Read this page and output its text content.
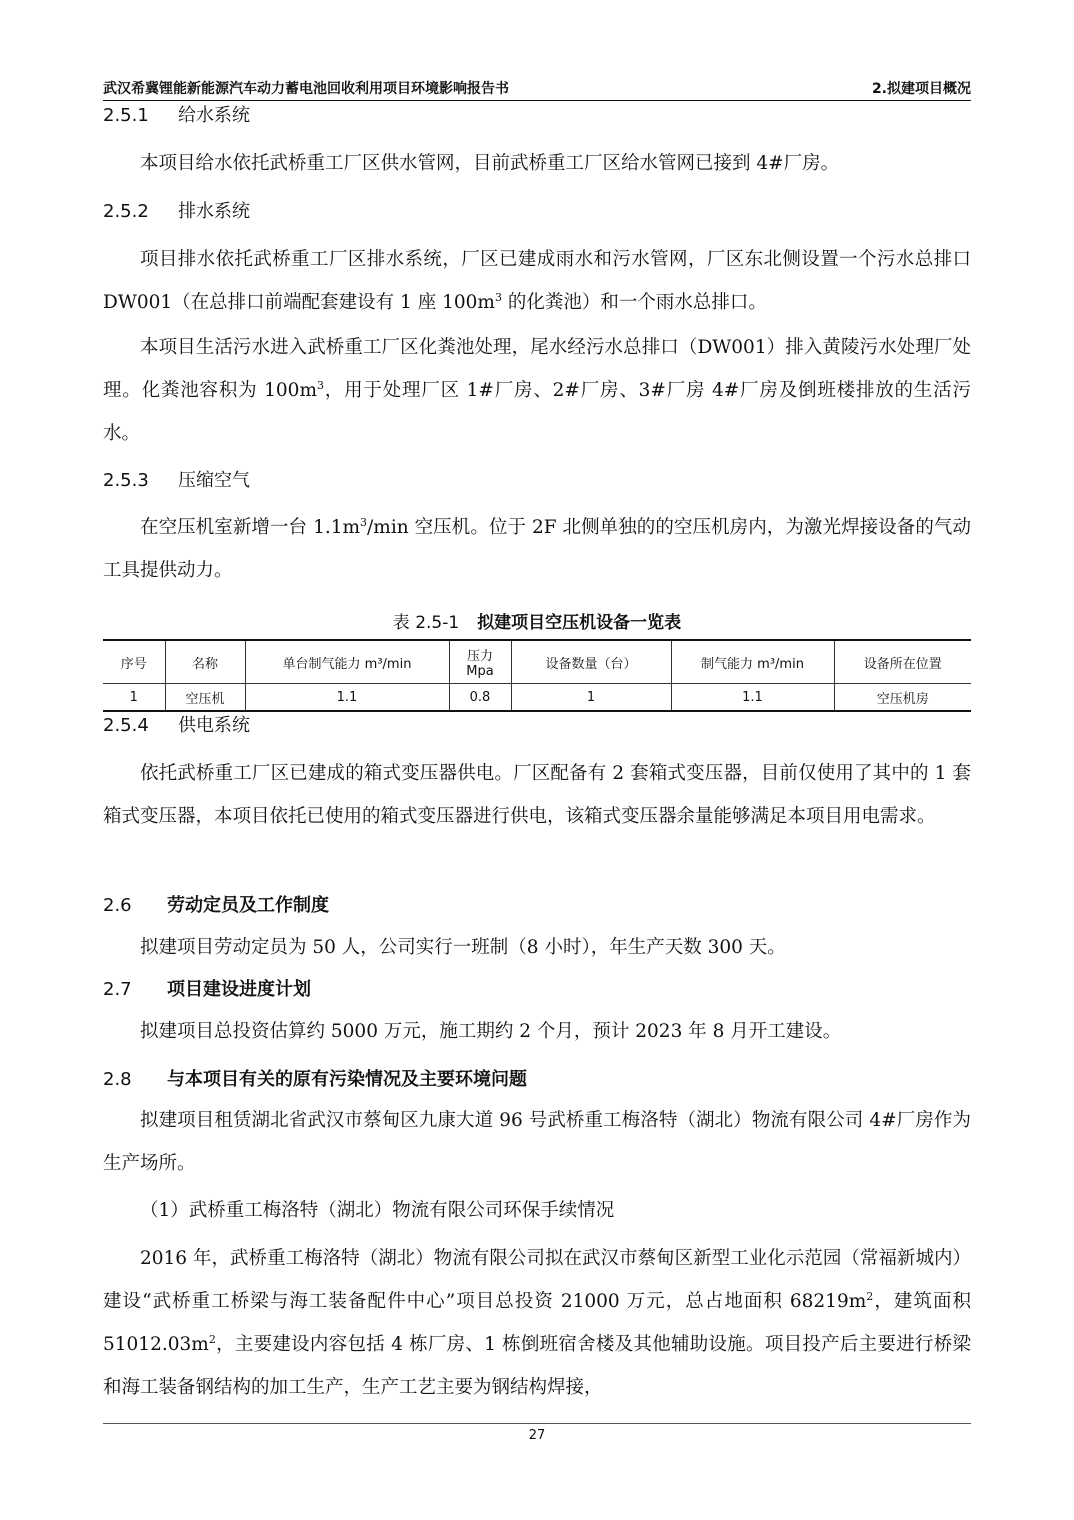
武汉希冀锂能新能源汽车动力蓄电池回收利用项目环境影响报告书	2.拟建项目概况
2.5.1 给水系统
本项目给水依托武桥重工厂区供水管网，目前武桥重工厂区给水管网已接到 4#厂房。
2.5.2 排水系统
项目排水依托武桥重工厂区排水系统，厂区已建成雨水和污水管网，厂区东北侧设置一个污水总排口 DW001（在总排口前端配套建设有 1 座 $100m^3$ 的化粪池）和一个雨水总排口。
本项目生活污水进入武桥重工厂区化粪池处理，尾水经污水总排口（DW001）排入黄陵污水处理厂处理。化粪池容积为 $100m^3$，用于处理厂区 1#厂房、2#厂房、3#厂房 4#厂房及倒班楼排放的生活污水。
2.5.3 压缩空气
在空压机室新增一台 $1.1m^3/\min$ 空压机。位于 2F 北侧单独的的空压机房内，为激光焊接设备的气动工具提供动力。
表 2.5-1 拟建项目空压机设备一览表
序号	名称	单台制气能力 m³/min	压力
Mpa	设备数量（台）	制气能力 m³/min	设备所在位置
1	空压机	1.1	0.8	1	1.1	空压机房
2.5.4 供电系统
依托武桥重工厂区已建成的箱式变压器供电。厂区配备有 2 套箱式变压器，目前仅使用了其中的 1 套箱式变压器，本项目依托已使用的箱式变压器进行供电，该箱式变压器余量能够满足本项目用电需求。
2.6 劳动定员及工作制度
拟建项目劳动定员为 50 人，公司实行一班制（8 小时），年生产天数 300 天。
2.7 项目建设进度计划
拟建项目总投资估算约 5000 万元，施工期约 2 个月，预计 2023 年 8 月开工建设。
2.8 与本项目有关的原有污染情况及主要环境问题
拟建项目租赁湖北省武汉市蔡甸区九康大道 96 号武桥重工梅洛特（湖北）物流有限公司 4#厂房作为生产场所。
（1）武桥重工梅洛特（湖北）物流有限公司环保手续情况
2016 年，武桥重工梅洛特（湖北）物流有限公司拟在武汉市蔡甸区新型工业化示范园（常福新城内）建设“武桥重工桥梁与海工装备配件中心”项目总投资 21000 万元，总占地面积 $68219m^2$，建筑面积 $51012.03m^2$，主要建设内容包括 4 栋厂房、1 栋倒班宿舍楼及其他辅助设施。项目投产后主要进行桥梁和海工装备钢结构的加工生产，生产工艺主要为钢结构焊接，
27
